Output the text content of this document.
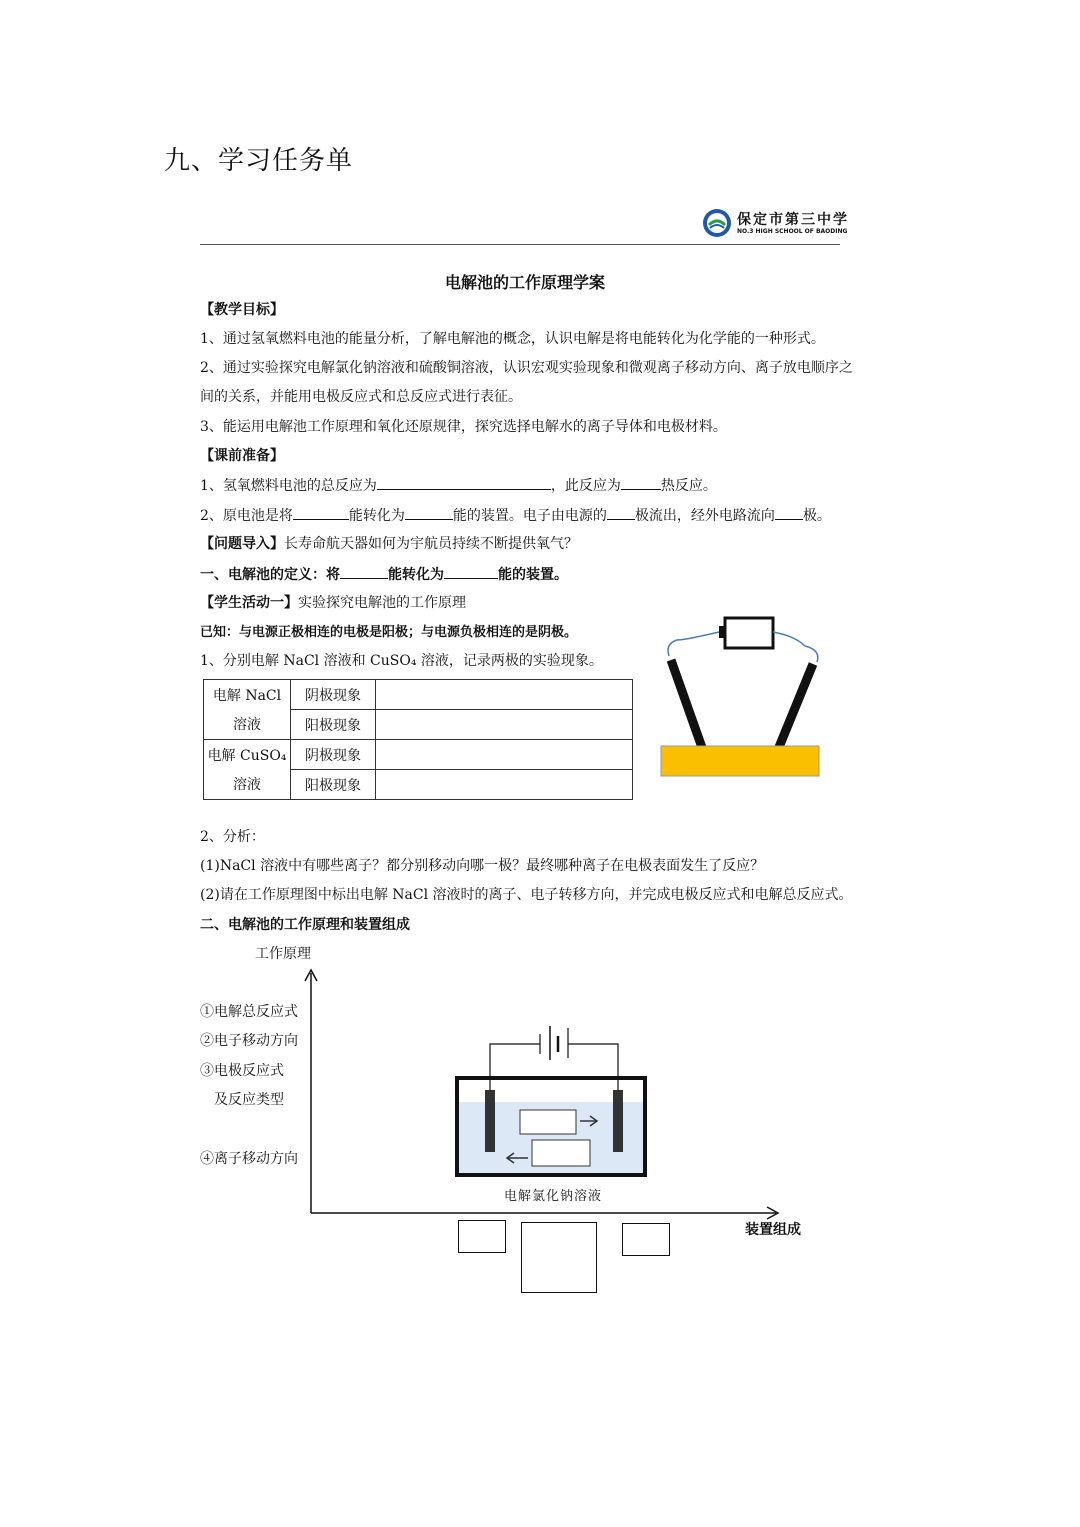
九、学习任务单
保定市第三中学
NO.3 HIGH SCHOOL OF BAODING
电解池的工作原理学案
【教学目标】
1、通过氢氧燃料电池的能量分析，了解电解池的概念，认识电解是将电能转化为化学能的一种形式。
2、通过实验探究电解氯化钠溶液和硫酸铜溶液，认识宏观实验现象和微观离子移动方向、离子放电顺序之
间的关系，并能用电极反应式和总反应式进行表征。
3、能运用电解池工作原理和氧化还原规律，探究选择电解水的离子导体和电极材料。
【课前准备】
1、氢氧燃料电池的总反应为	，此反应为	热反应。
2、原电池是将	能转化为	能的装置。电子由电源的 极流出，经外电路流向 极。
【问题导入】长寿命航天器如何为宇航员持续不断提供氧气？
一、电解池的定义：将	能转化为	能的装置。
【学生活动一】实验探究电解池的工作原理
已知：与电源正极相连的电极是阳极；与电源负极相连的是阴极。
1、分别电解 NaCl 溶液和 CuSO₄ 溶液，记录两极的实验现象。
电解 NaCl	阴极现象	
溶液	阳极现象	
电解 CuSO₄	阴极现象	
溶液	阳极现象	
2、分析：
(1)NaCl 溶液中有哪些离子？都分别移动向哪一极？最终哪种离子在电极表面发生了反应？
(2)请在工作原理图中标出电解 NaCl 溶液时的离子、电子转移方向，并完成电极反应式和电解总反应式。
二、电解池的工作原理和装置组成
工作原理
①电解总反应式
②电子移动方向
③电极反应式
及反应类型
④离子移动方向
电解氯化钠溶液
装置组成
